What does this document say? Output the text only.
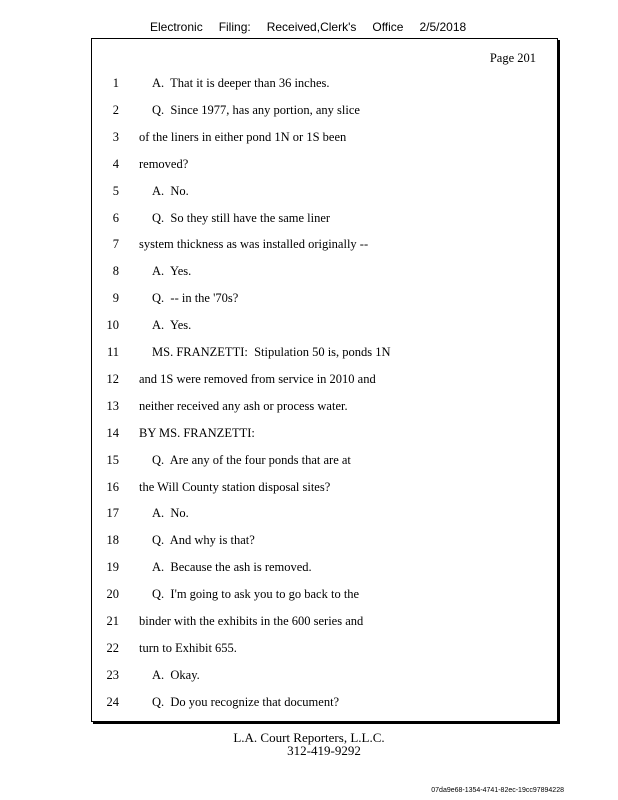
Electronic Filing: Received,Clerk's Office 2/5/2018
Page 201
1	A.  That it is deeper than 36 inches.
2	Q.  Since 1977, has any portion, any slice
3 of the liners in either pond 1N or 1S been
4 removed?
5	A.  No.
6	Q.  So they still have the same liner
7 system thickness as was installed originally --
8	A.  Yes.
9	Q.  -- in the '70s?
10	A.  Yes.
11	MS. FRANZETTI:  Stipulation 50 is, ponds 1N
12 and 1S were removed from service in 2010 and
13 neither received any ash or process water.
14 BY MS. FRANZETTI:
15	Q.  Are any of the four ponds that are at
16 the Will County station disposal sites?
17	A.  No.
18	Q.  And why is that?
19	A.  Because the ash is removed.
20	Q.  I'm going to ask you to go back to the
21 binder with the exhibits in the 600 series and
22 turn to Exhibit 655.
23	A.  Okay.
24	Q.  Do you recognize that document?
L.A. Court Reporters, L.L.C.
312-419-9292
07da9e68-1354-4741-82ec-19cc97894228
